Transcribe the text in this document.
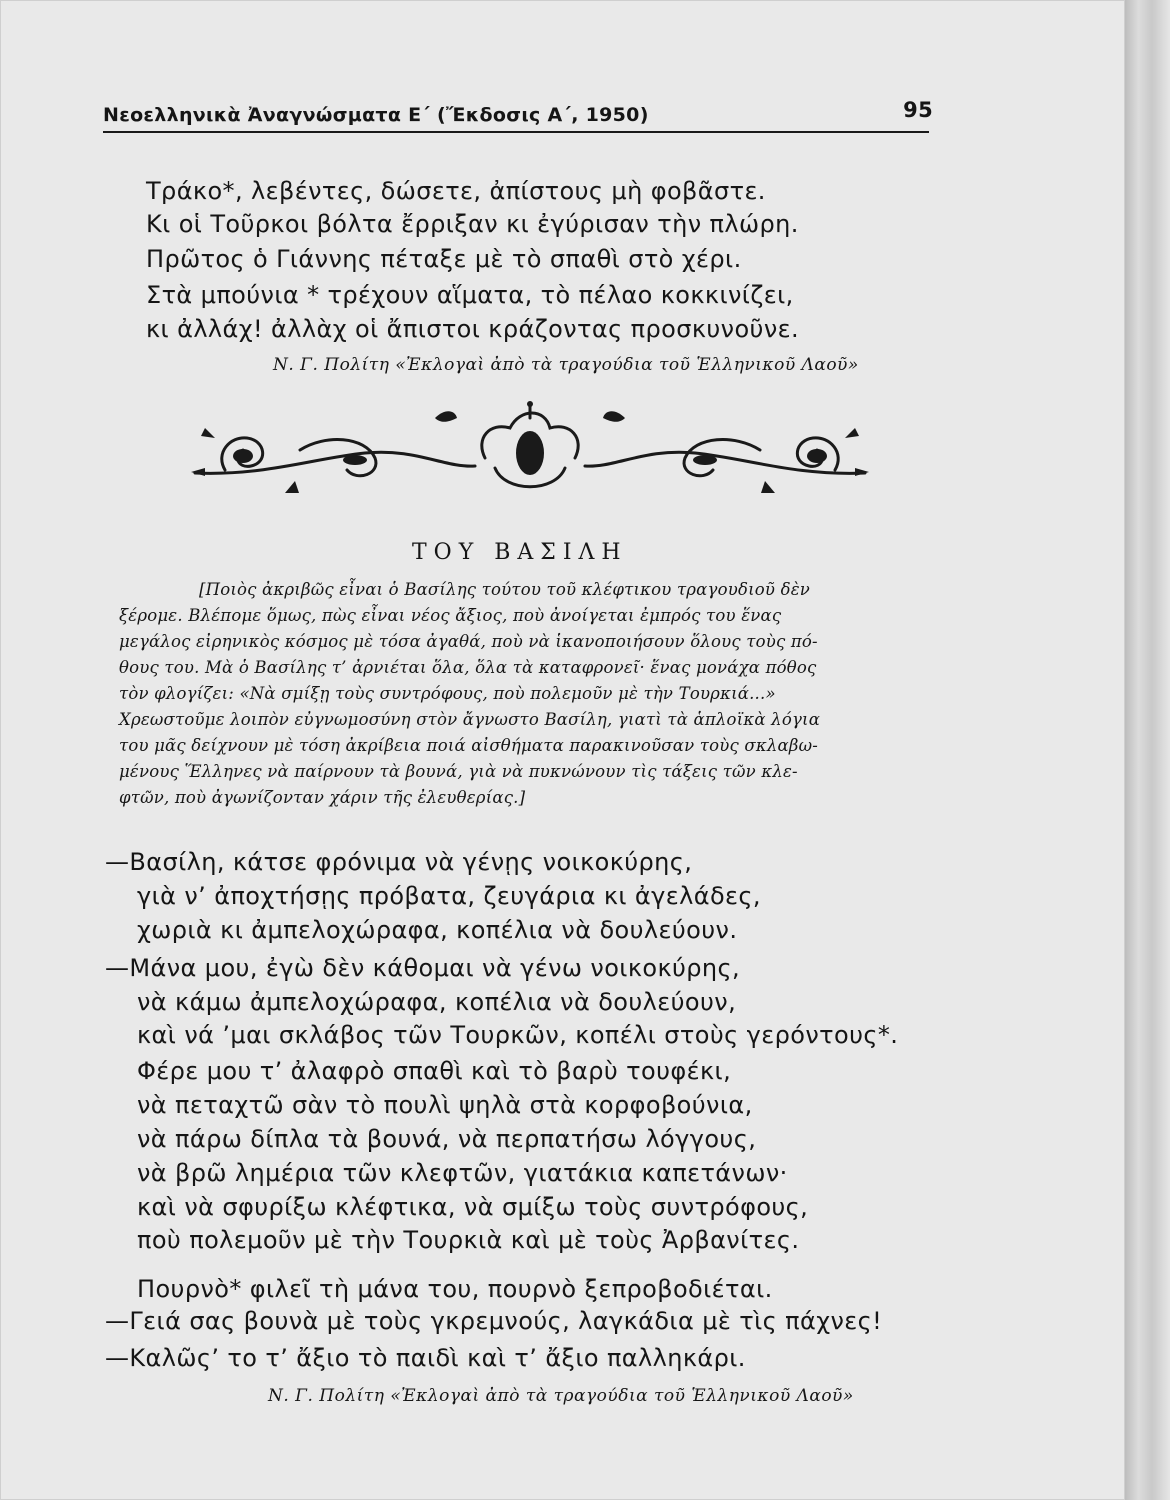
Νεοελληνικὰ Ἀναγνώσματα Ε΄ (Ἔκδοσις Α΄, 1950)	95
Τράκο*, λεβέντες, δώσετε, ἀπίστους μὴ φοβᾶστε.
Κι οἱ Τοῦρκοι βόλτα ἔρριξαν κι ἐγύρισαν τὴν πλώρη.
Πρῶτος ὁ Γιάννης πέταξε μὲ τὸ σπαθὶ στὸ χέρι.
Στὰ μπούνια * τρέχουν αἵματα, τὸ πέλαο κοκκινίζει,
κι ἀλλάχ! ἀλλὰχ οἱ ἄπιστοι κράζοντας προσκυνοῦνε.
Ν. Γ. Πολίτη «Ἐκλογαὶ ἀπὸ τὰ τραγούδια τοῦ Ἑλληνικοῦ Λαοῦ»
ΤΟΥ ΒΑΣΙΛΗ
[Ποιὸς ἀκριβῶς εἶναι ὁ Βασίλης τούτου τοῦ κλέφτικου τραγουδιοῦ δὲν
ξέρομε. Βλέπομε ὅμως, πὼς εἶναι νέος ἄξιος, ποὺ ἀνοίγεται ἐμπρός του ἕνας
μεγάλος εἰρηνικὸς κόσμος μὲ τόσα ἀγαθά, ποὺ νὰ ἱκανοποιήσουν ὅλους τοὺς πό-
θους του. Μὰ ὁ Βασίλης τ’ ἀρνιέται ὅλα, ὅλα τὰ καταφρονεῖ· ἕνας μονάχα πόθος
τὸν φλογίζει: «Νὰ σμίξῃ τοὺς συντρόφους, ποὺ πολεμοῦν μὲ τὴν Τουρκιά...»
Χρεωστοῦμε λοιπὸν εὐγνωμοσύνη στὸν ἄγνωστο Βασίλη, γιατὶ τὰ ἁπλοϊκὰ λόγια
του μᾶς δείχνουν μὲ τόση ἀκρίβεια ποιά αἰσθήματα παρακινοῦσαν τοὺς σκλαβω-
μένους Ἕλληνες νὰ παίρνουν τὰ βουνά, γιὰ νὰ πυκνώνουν τὶς τάξεις τῶν κλε-
φτῶν, ποὺ ἀγωνίζονταν χάριν τῆς ἐλευθερίας.]
—Βασίλη, κάτσε φρόνιμα νὰ γένῃς νοικοκύρης,
γιὰ ν’ ἀποχτήσῃς πρόβατα, ζευγάρια κι ἀγελάδες,
χωριὰ κι ἀμπελοχώραφα, κοπέλια νὰ δουλεύουν.
—Μάνα μου, ἐγὼ δὲν κάθομαι νὰ γένω νοικοκύρης,
νὰ κάμω ἀμπελοχώραφα, κοπέλια νὰ δουλεύουν,
καὶ νά ’μαι σκλάβος τῶν Τουρκῶν, κοπέλι στοὺς γερόντους*.
Φέρε μου τ’ ἀλαφρὸ σπαθὶ καὶ τὸ βαρὺ τουφέκι,
νὰ πεταχτῶ σὰν τὸ πουλὶ ψηλὰ στὰ κορφοβούνια,
νὰ πάρω δίπλα τὰ βουνά, νὰ περπατήσω λόγγους,
νὰ βρῶ λημέρια τῶν κλεφτῶν, γιατάκια καπετάνων·
καὶ νὰ σφυρίξω κλέφτικα, νὰ σμίξω τοὺς συντρόφους,
ποὺ πολεμοῦν μὲ τὴν Τουρκιὰ καὶ μὲ τοὺς Ἀρβανίτες.
Πουρνὸ* φιλεῖ τὴ μάνα του, πουρνὸ ξεπροβοδιέται.
—Γειά σας βουνὰ μὲ τοὺς γκρεμνούς, λαγκάδια μὲ τὶς πάχνες!
—Καλῶς’ το τ’ ἄξιο τὸ παιδὶ καὶ τ’ ἄξιο παλληκάρι.
Ν. Γ. Πολίτη «Ἐκλογαὶ ἀπὸ τὰ τραγούδια τοῦ Ἑλληνικοῦ Λαοῦ»
